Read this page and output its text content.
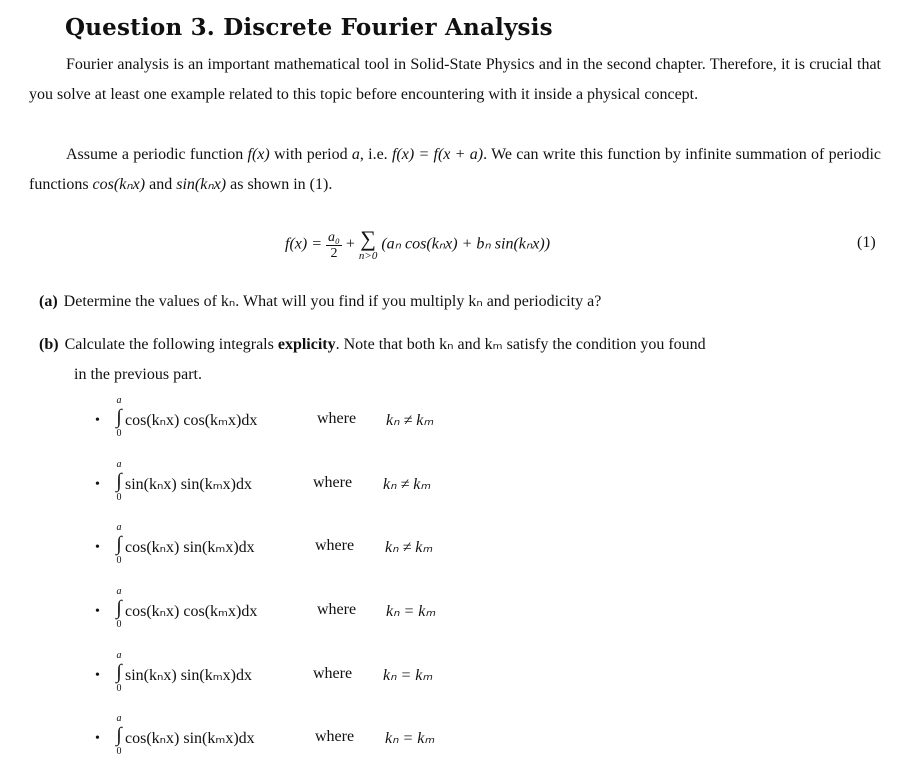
Question 3. Discrete Fourier Analysis
Fourier analysis is an important mathematical tool in Solid-State Physics and in the second chapter. Therefore, it is crucial that you solve at least one example related to this topic before encountering with it inside a physical concept.
Assume a periodic function f(x) with period a, i.e. f(x) = f(x + a). We can write this function by infinite summation of periodic functions cos(kₙx) and sin(kₙx) as shown in (1).
$f(x) = \frac{\text{a₀}}{2}$ + ∑
n>0
(aₙ cos(kₙx) + bₙ sin(kₙx))	(1)
(a) Determine the values of kₙ. What will you find if you multiply kₙ and periodicity a?
(b) Calculate the following integrals explicity. Note that both kₙ and kₘ satisfy the condition you found
in the previous part.
•
a
∫
0
cos(kₙx) cos(kₘx)dx	where kₙ ≠ kₘ
•
a
∫
0
sin(kₙx) sin(kₘx)dx	where kₙ ≠ kₘ
•
a
∫
0
cos(kₙx) sin(kₘx)dx	where kₙ ≠ kₘ
•
a
∫
0
cos(kₙx) cos(kₘx)dx	where kₙ = kₘ
•
a
∫
0
sin(kₙx) sin(kₘx)dx	where kₙ = kₘ
•
a
∫
0
cos(kₙx) sin(kₘx)dx	where kₙ = kₘ
